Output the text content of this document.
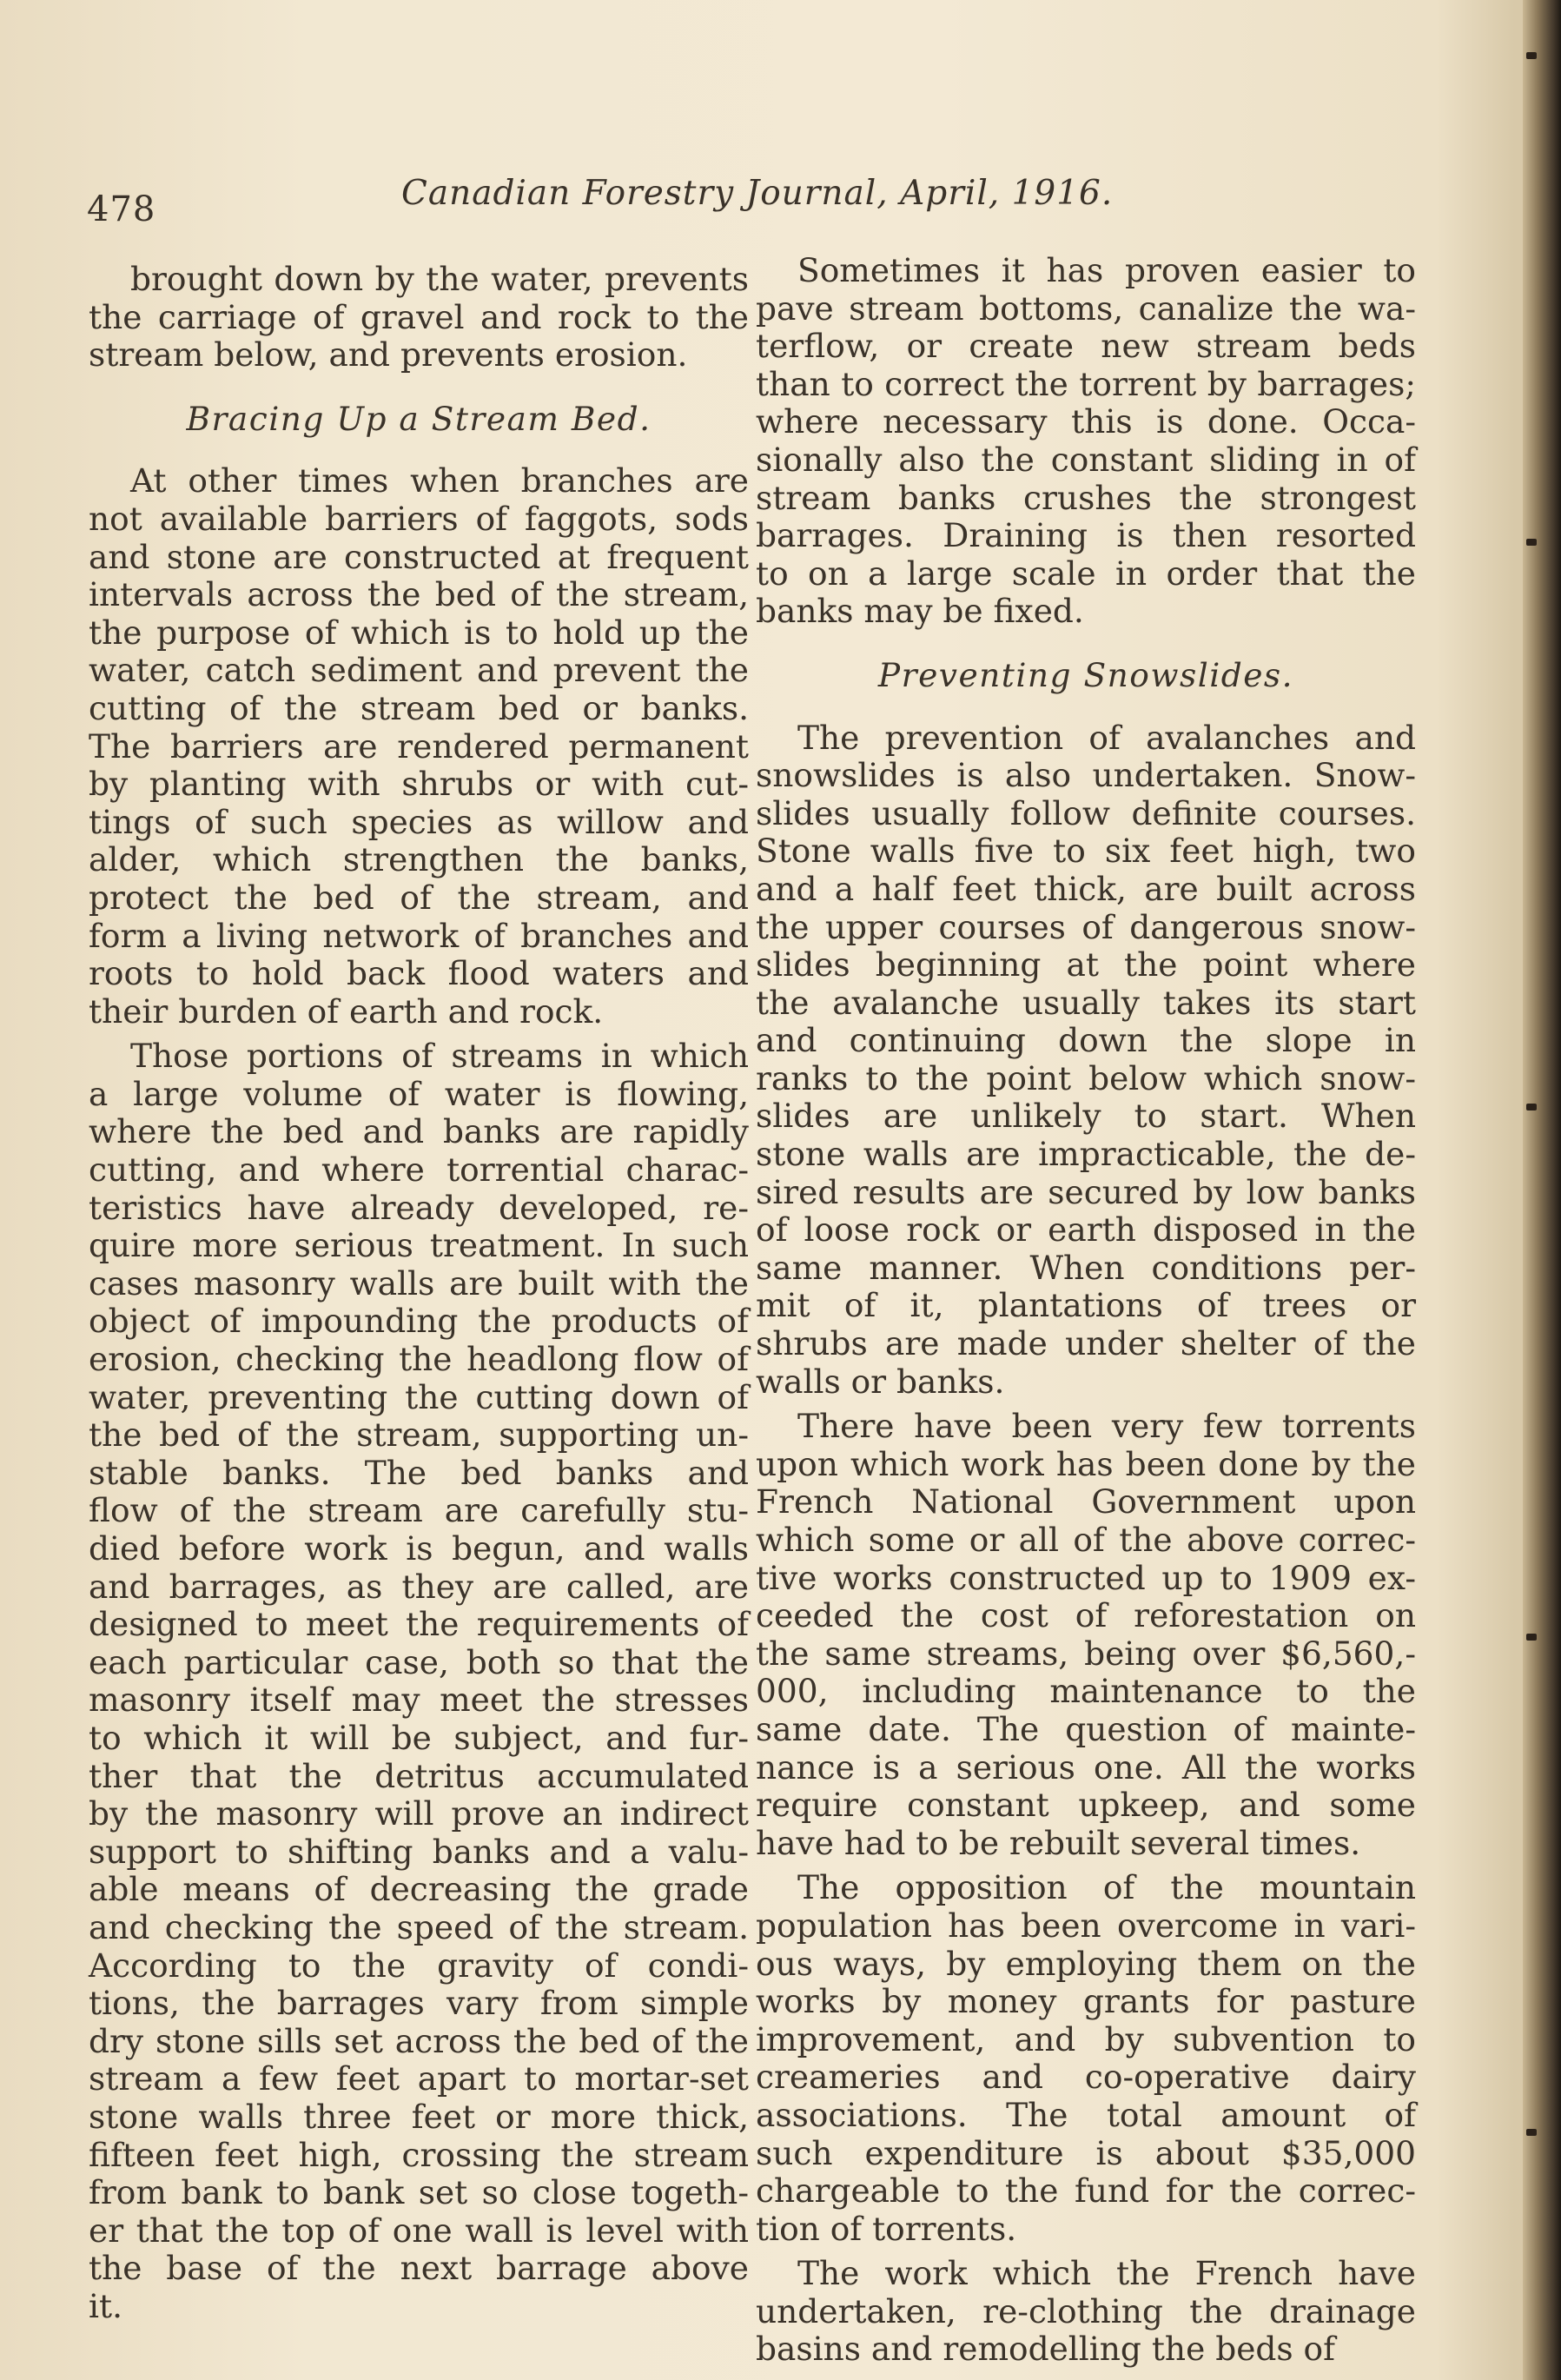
478	Canadian Forestry Journal, April, 1916.
brought down by the water, prevents
the carriage of gravel and rock to the
stream below, and prevents erosion.
Bracing Up a Stream Bed.
At other times when branches are
not available barriers of faggots, sods
and stone are constructed at frequent
intervals across the bed of the stream,
the purpose of which is to hold up the
water, catch sediment and prevent the
cutting of the stream bed or banks.
The barriers are rendered permanent
by planting with shrubs or with cut-
tings of such species as willow and
alder, which strengthen the banks,
protect the bed of the stream, and
form a living network of branches and
roots to hold back flood waters and
their burden of earth and rock.
Those portions of streams in which
a large volume of water is flowing,
where the bed and banks are rapidly
cutting, and where torrential charac-
teristics have already developed, re-
quire more serious treatment. In such
cases masonry walls are built with the
object of impounding the products of
erosion, checking the headlong flow of
water, preventing the cutting down of
the bed of the stream, supporting un-
stable banks. The bed banks and
flow of the stream are carefully stu-
died before work is begun, and walls
and barrages, as they are called, are
designed to meet the requirements of
each particular case, both so that the
masonry itself may meet the stresses
to which it will be subject, and fur-
ther that the detritus accumulated
by the masonry will prove an indirect
support to shifting banks and a valu-
able means of decreasing the grade
and checking the speed of the stream.
According to the gravity of condi-
tions, the barrages vary from simple
dry stone sills set across the bed of the
stream a few feet apart to mortar-set
stone walls three feet or more thick,
fifteen feet high, crossing the stream
from bank to bank set so close togeth-
er that the top of one wall is level with
the base of the next barrage above
it.
Sometimes it has proven easier to
pave stream bottoms, canalize the wa-
terflow, or create new stream beds
than to correct the torrent by barrages;
where necessary this is done. Occa-
sionally also the constant sliding in of
stream banks crushes the strongest
barrages. Draining is then resorted
to on a large scale in order that the
banks may be fixed.
Preventing Snowslides.
The prevention of avalanches and
snowslides is also undertaken. Snow-
slides usually follow definite courses.
Stone walls five to six feet high, two
and a half feet thick, are built across
the upper courses of dangerous snow-
slides beginning at the point where
the avalanche usually takes its start
and continuing down the slope in
ranks to the point below which snow-
slides are unlikely to start. When
stone walls are impracticable, the de-
sired results are secured by low banks
of loose rock or earth disposed in the
same manner. When conditions per-
mit of it, plantations of trees or
shrubs are made under shelter of the
walls or banks.
There have been very few torrents
upon which work has been done by the
French National Government upon
which some or all of the above correc-
tive works constructed up to 1909 ex-
ceeded the cost of reforestation on
the same streams, being over $6,560,-
000, including maintenance to the
same date. The question of mainte-
nance is a serious one. All the works
require constant upkeep, and some
have had to be rebuilt several times.
The opposition of the mountain
population has been overcome in vari-
ous ways, by employing them on the
works by money grants for pasture
improvement, and by subvention to
creameries and co-operative dairy
associations. The total amount of
such expenditure is about $35,000
chargeable to the fund for the correc-
tion of torrents.
The work which the French have
undertaken, re-clothing the drainage
basins and remodelling the beds of
